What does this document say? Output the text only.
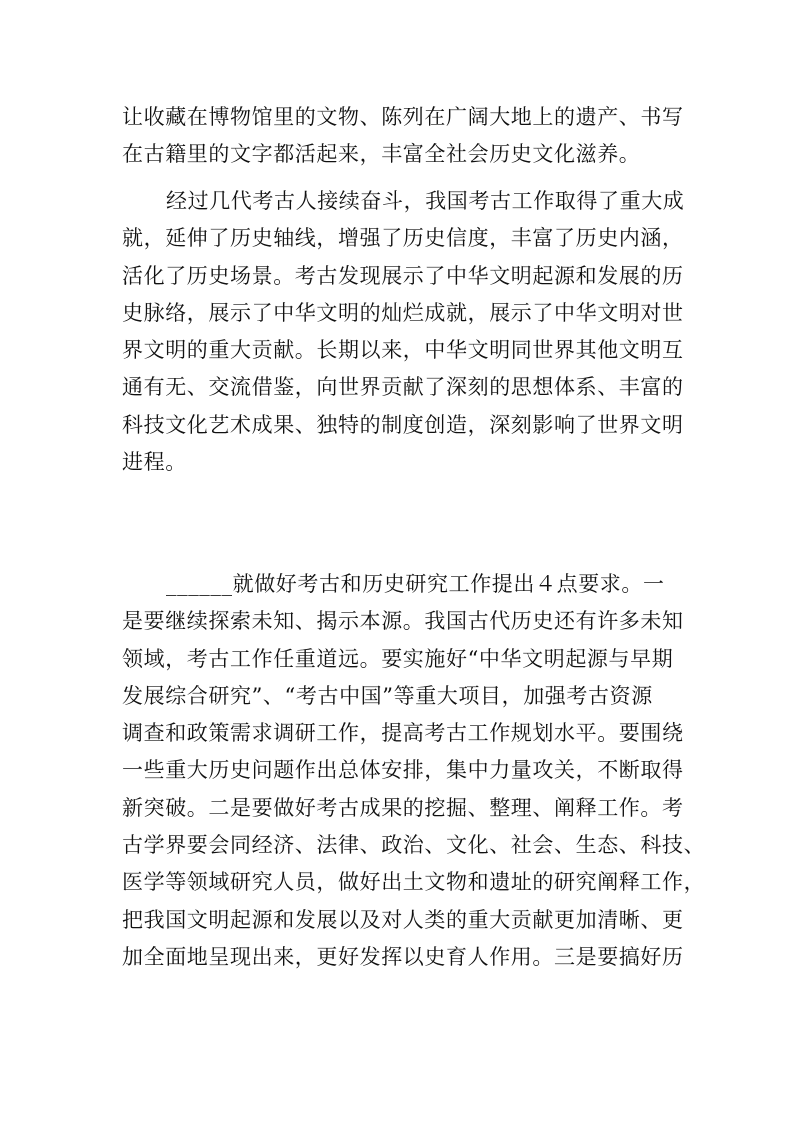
让收藏在博物馆里的文物、陈列在广阔大地上的遗产、书写
在古籍里的文字都活起来，丰富全社会历史文化滋养。
经过几代考古人接续奋斗，我国考古工作取得了重大成
就，延伸了历史轴线，增强了历史信度，丰富了历史内涵，
活化了历史场景。考古发现展示了中华文明起源和发展的历
史脉络，展示了中华文明的灿烂成就，展示了中华文明对世
界文明的重大贡献。长期以来，中华文明同世界其他文明互
通有无、交流借鉴，向世界贡献了深刻的思想体系、丰富的
科技文化艺术成果、独特的制度创造，深刻影响了世界文明
进程。
______就做好考古和历史研究工作提出４点要求。一
是要继续探索未知、揭示本源。我国古代历史还有许多未知
领域，考古工作任重道远。要实施好“中华文明起源与早期
发展综合研究”、“考古中国”等重大项目，加强考古资源
调查和政策需求调研工作，提高考古工作规划水平。要围绕
一些重大历史问题作出总体安排，集中力量攻关，不断取得
新突破。二是要做好考古成果的挖掘、整理、阐释工作。考
古学界要会同经济、法律、政治、文化、社会、生态、科技、
医学等领域研究人员，做好出土文物和遗址的研究阐释工作，
把我国文明起源和发展以及对人类的重大贡献更加清晰、更
加全面地呈现出来，更好发挥以史育人作用。三是要搞好历
